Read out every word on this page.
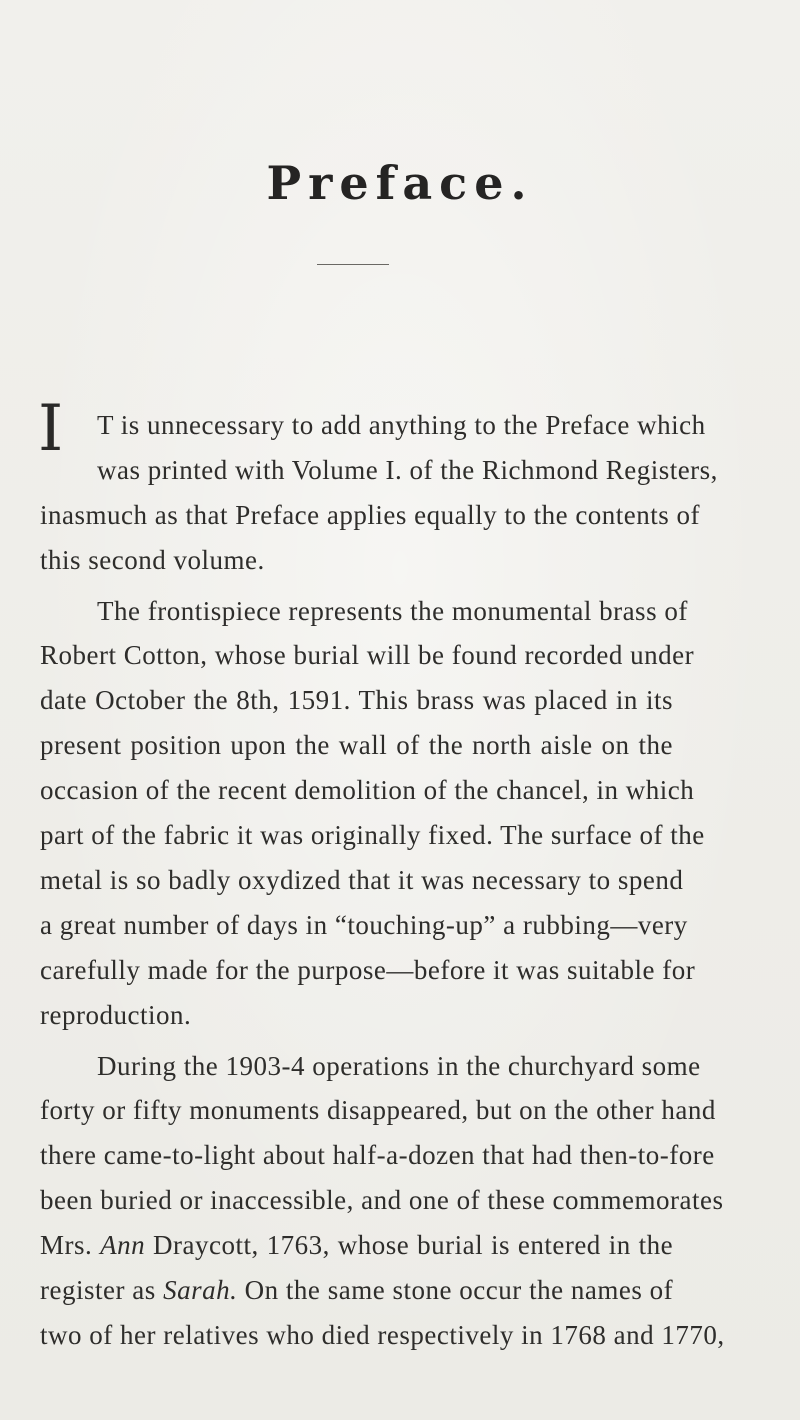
Preface.
I T is unnecessary to add anything to the Preface which
was printed with Volume I. of the Richmond Registers,
inasmuch as that Preface applies equally to the contents of
this second volume.
The frontispiece represents the monumental brass of
Robert Cotton, whose burial will be found recorded under
date October the 8th, 1591. This brass was placed in its
present position upon the wall of the north aisle on the
occasion of the recent demolition of the chancel, in which
part of the fabric it was originally fixed. The surface of the
metal is so badly oxydized that it was necessary to spend
a great number of days in “touching-up” a rubbing—very
carefully made for the purpose—before it was suitable for
reproduction.
During the 1903-4 operations in the churchyard some
forty or fifty monuments disappeared, but on the other hand
there came-to-light about half-a-dozen that had then-to-fore
been buried or inaccessible, and one of these commemorates
Mrs. Ann Draycott, 1763, whose burial is entered in the
register as Sarah. On the same stone occur the names of
two of her relatives who died respectively in 1768 and 1770,
